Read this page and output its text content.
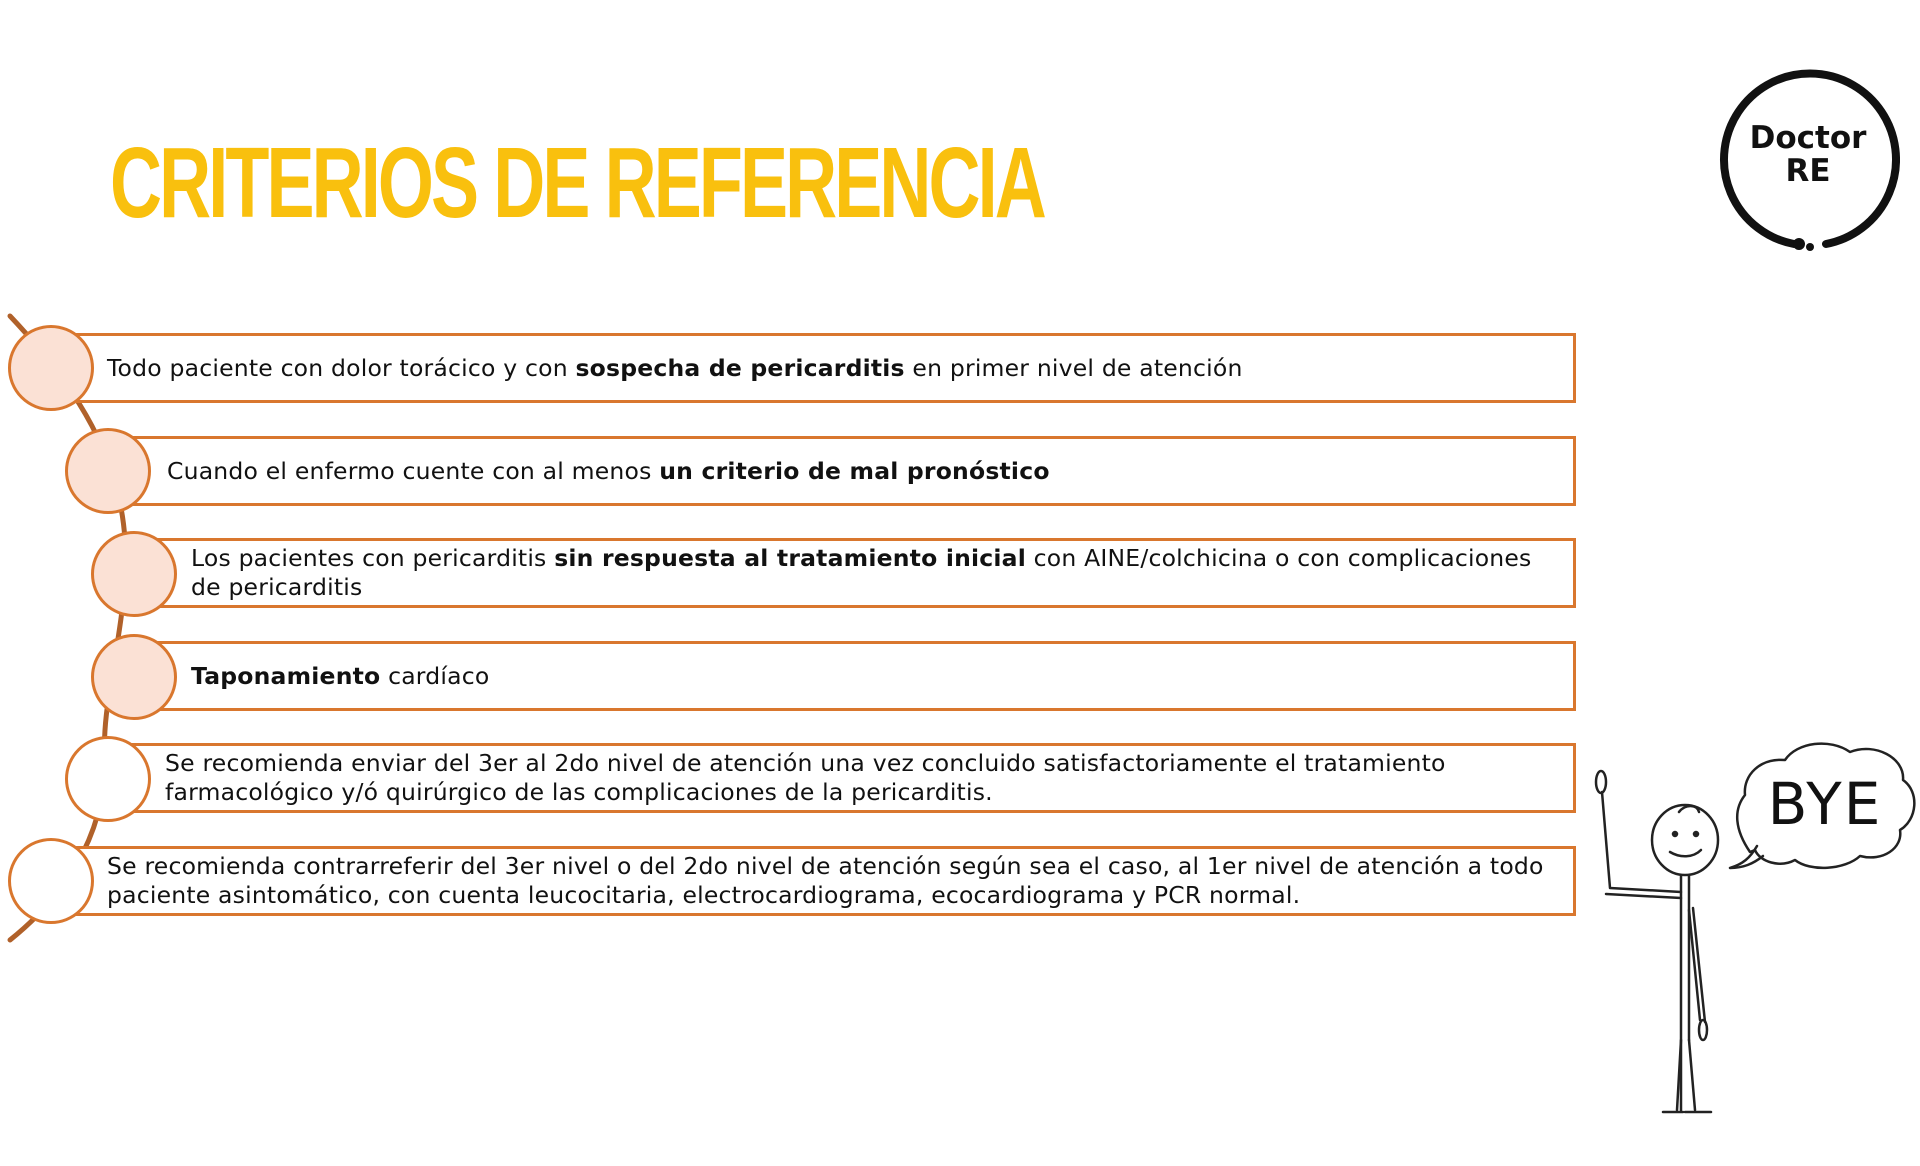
CRITERIOS DE REFERENCIA	Doctor
RE
Todo paciente con dolor torácico y con sospecha de pericarditis en primer nivel de atención
Cuando el enfermo cuente con al menos un criterio de mal pronóstico
Los pacientes con pericarditis sin respuesta al tratamiento inicial con AINE/colchicina o con complicaciones de pericarditis
Taponamiento cardíaco
Se recomienda enviar del 3er al 2do nivel de atención una vez concluido satisfactoriamente el tratamiento farmacológico y/ó quirúrgico de las complicaciones de la pericarditis.
Se recomienda contrarreferir del 3er nivel o del 2do nivel de atención según sea el caso, al 1er nivel de atención a todo paciente asintomático, con cuenta leucocitaria, electrocardiograma, ecocardiograma y PCR normal.
BYE
